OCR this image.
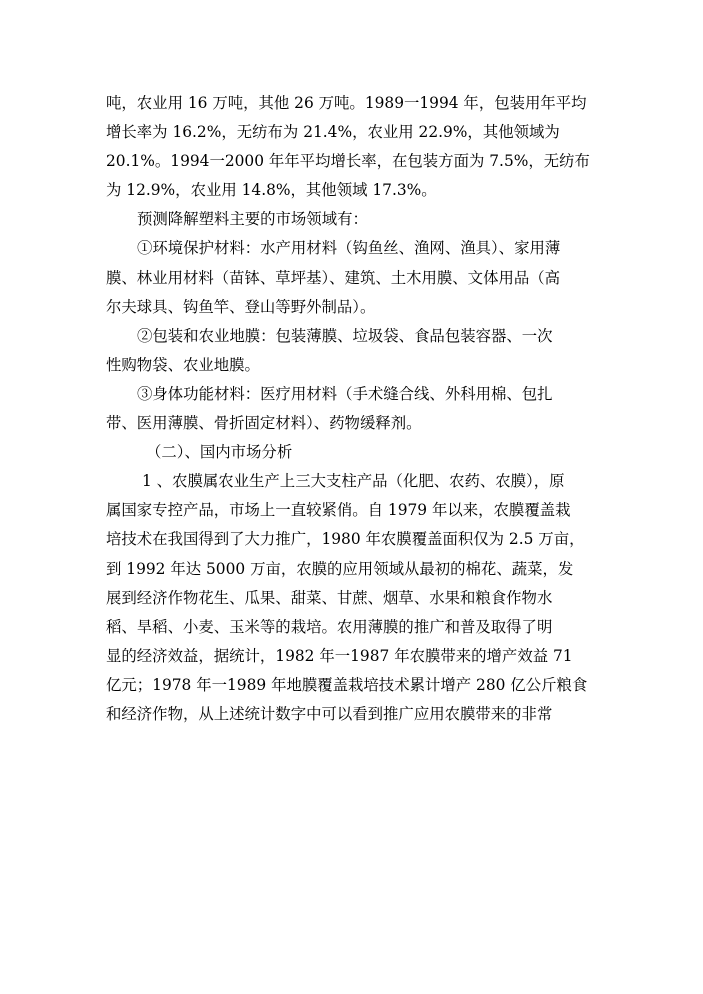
吨，农业用 16 万吨，其他 26 万吨。1989一1994 年，包装用年平均
增长率为 16.2%，无纺布为 21.4%，农业用 22.9%，其他领域为
20.1%。1994一2000 年年平均增长率，在包装方面为 7.5%，无纺布
为 12.9%，农业用 14.8%，其他领域 17.3%。
预测降解塑料主要的市场领域有：
①环境保护材料：水产用材料（钩鱼丝、渔网、渔具）、家用薄
膜、林业用材料（苗钵、草坪基）、建筑、土木用膜、文体用品（高
尔夫球具、钩鱼竿、登山等野外制品）。
②包装和农业地膜：包装薄膜、垃圾袋、食品包装容器、一次
性购物袋、农业地膜。
③身体功能材料：医疗用材料（手术缝合线、外科用棉、包扎
带、医用薄膜、骨折固定材料）、药物缓释剂。
（二）、国内市场分析
1 、农膜属农业生产上三大支柱产品（化肥、农药、农膜），原
属国家专控产品，市场上一直较紧俏。自 1979 年以来，农膜覆盖栽
培技术在我国得到了大力推广，1980 年农膜覆盖面积仅为 2.5 万亩，
到 1992 年达 5000 万亩，农膜的应用领域从最初的棉花、蔬菜，发
展到经济作物花生、瓜果、甜菜、甘蔗、烟草、水果和粮食作物水
稻、旱稻、小麦、玉米等的栽培。农用薄膜的推广和普及取得了明
显的经济效益，据统计，1982 年一1987 年农膜带来的增产效益 71
亿元；1978 年一1989 年地膜覆盖栽培技术累计增产 280 亿公斤粮食
和经济作物，从上述统计数字中可以看到推广应用农膜带来的非常
